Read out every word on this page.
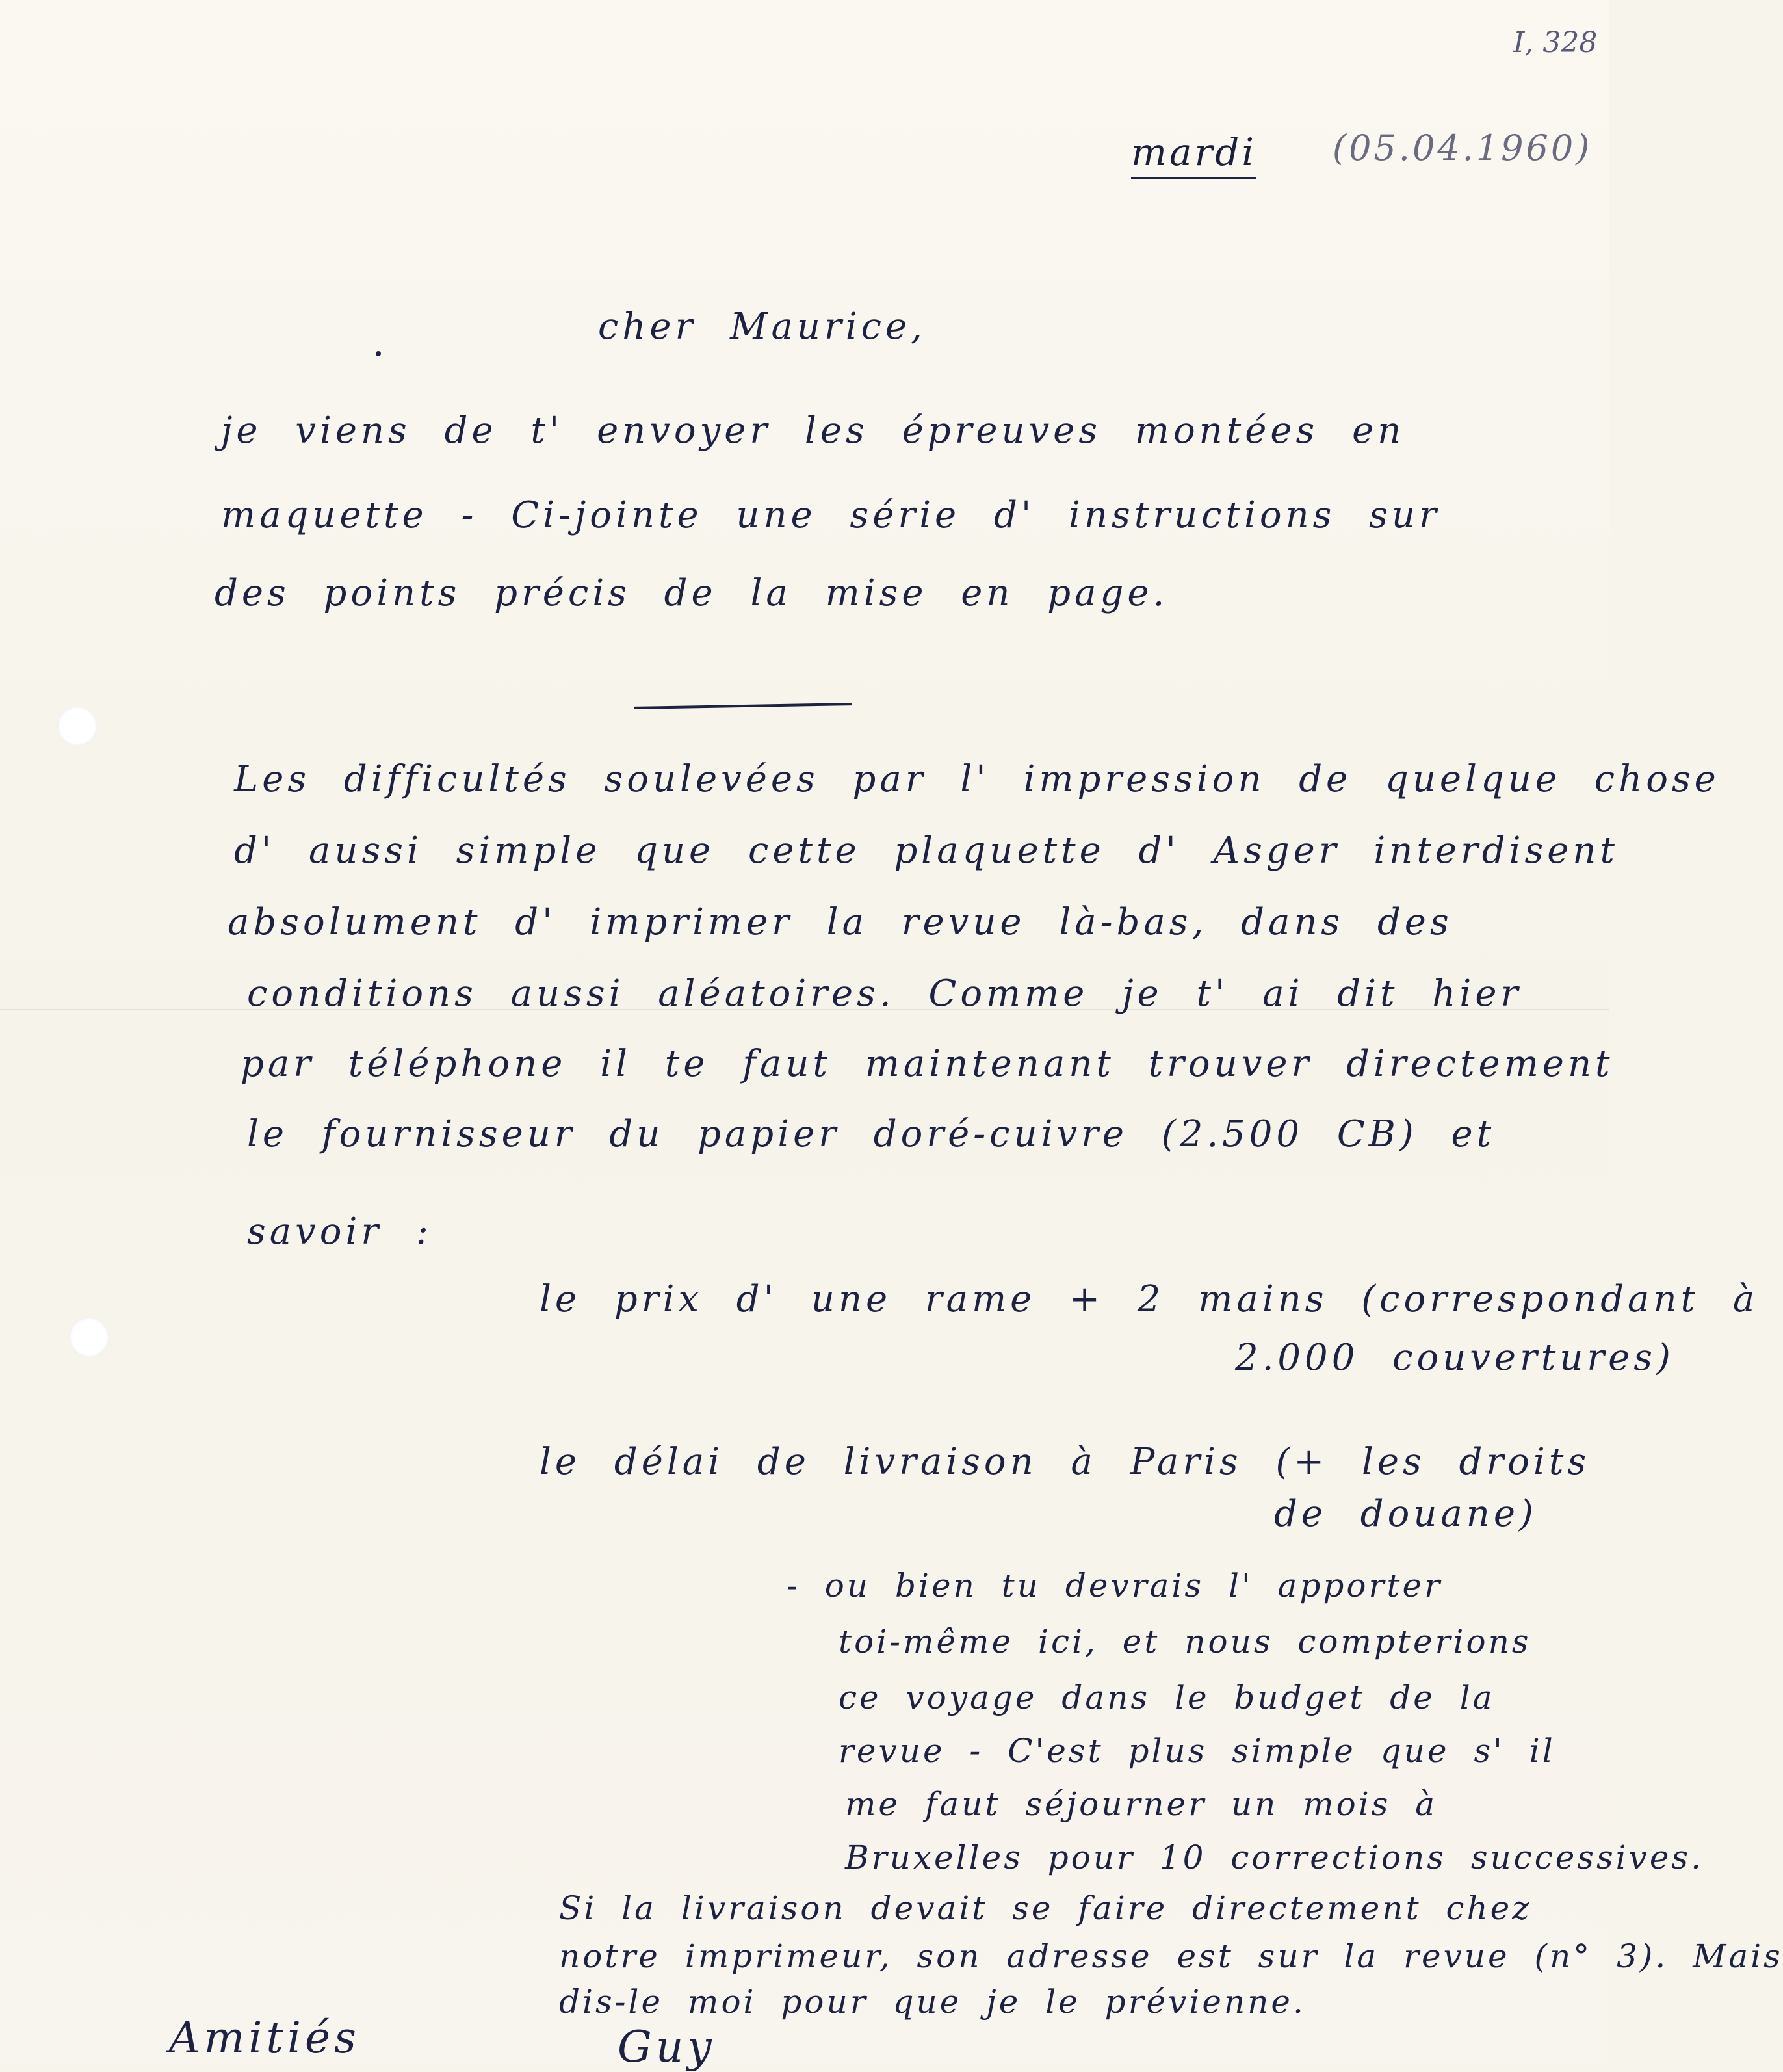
I, 328
mardi (05.04.1960)
cher Maurice,
je viens de t' envoyer les épreuves montées en
maquette - Ci-jointe une série d' instructions sur
des points précis de la mise en page.
Les difficultés soulevées par l' impression de quelque chose
d' aussi simple que cette plaquette d' Asger interdisent
absolument d' imprimer la revue là-bas, dans des
conditions aussi aléatoires. Comme je t' ai dit hier
par téléphone il te faut maintenant trouver directement
le fournisseur du papier doré-cuivre (2.500 CB) et
savoir :
le prix d' une rame + 2 mains (correspondant à
2.000 couvertures)
le délai de livraison à Paris (+ les droits
de douane)
- ou bien tu devrais l' apporter
toi-même ici, et nous compterions
ce voyage dans le budget de la
revue - C'est plus simple que s' il
me faut séjourner un mois à
Bruxelles pour 10 corrections successives.
Si la livraison devait se faire directement chez
notre imprimeur, son adresse est sur la revue (n° 3). Mais
dis-le moi pour que je le prévienne.
Amitiés	Guy
